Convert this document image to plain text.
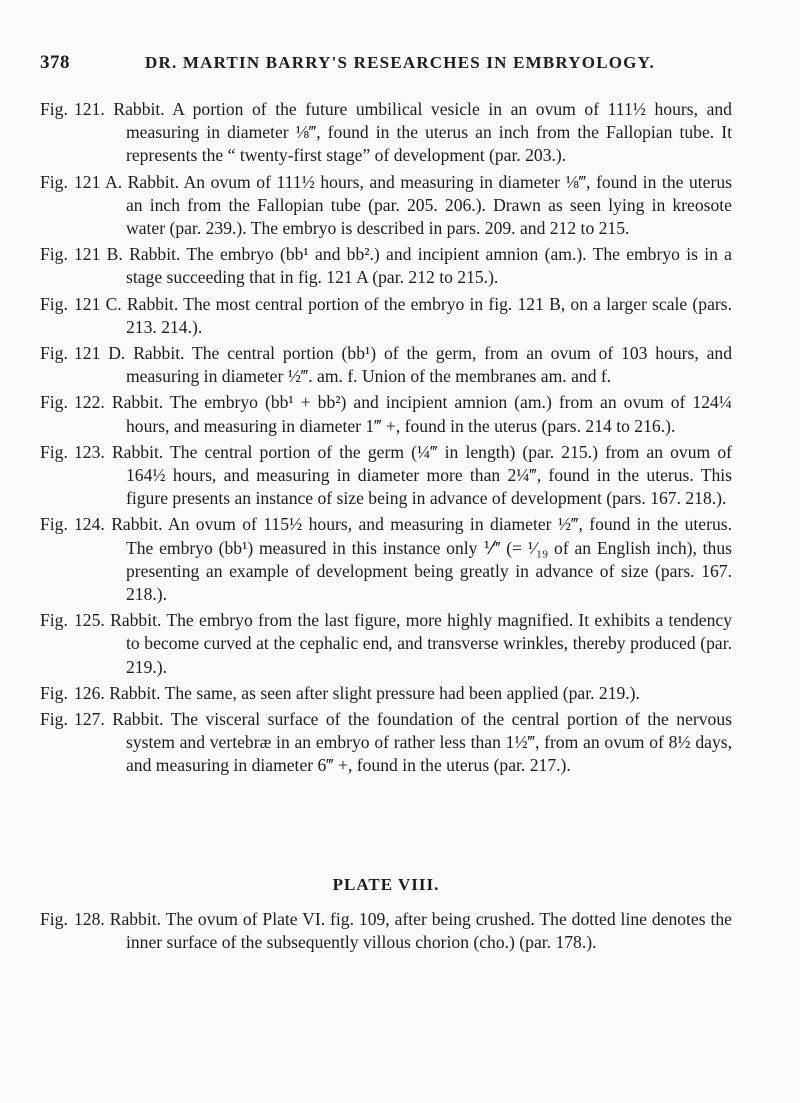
378	DR. MARTIN BARRY'S RESEARCHES IN EMBRYOLOGY.

Fig. 121. Rabbit. A portion of the future umbilical vesicle in an ovum of 111½ hours, and measuring in diameter ⅛‴, found in the uterus an inch from the Fallopian tube. It represents the “ twenty-first stage” of development (par. 203.).

Fig. 121 A. Rabbit. An ovum of 111½ hours, and measuring in diameter ⅛‴, found in the uterus an inch from the Fallopian tube (par. 205. 206.). Drawn as seen lying in kreosote water (par. 239.). The embryo is described in pars. 209. and 212 to 215.

Fig. 121 B. Rabbit. The embryo (bb¹ and bb².) and incipient amnion (am.). The embryo is in a stage succeeding that in fig. 121 A (par. 212 to 215.).

Fig. 121 C. Rabbit. The most central portion of the embryo in fig. 121 B, on a larger scale (pars. 213. 214.).

Fig. 121 D. Rabbit. The central portion (bb¹) of the germ, from an ovum of 103 hours, and measuring in diameter ½‴. am. f. Union of the membranes am. and f.

Fig. 122. Rabbit. The embryo (bb¹ + bb²) and incipient amnion (am.) from an ovum of 124¼ hours, and measuring in diameter 1‴ +, found in the uterus (pars. 214 to 216.).

Fig. 123. Rabbit. The central portion of the germ (¼‴ in length) (par. 215.) from an ovum of 164½ hours, and measuring in diameter more than 2¼‴, found in the uterus. This figure presents an instance of size being in advance of development (pars. 167. 218.).

Fig. 124. Rabbit. An ovum of 115½ hours, and measuring in diameter ½‴, found in the uterus. The embryo (bb¹) measured in this instance only ⅟‴ (= ¹⁄₁₉ of an English inch), thus presenting an example of development being greatly in advance of size (pars. 167. 218.).

Fig. 125. Rabbit. The embryo from the last figure, more highly magnified. It exhibits a tendency to become curved at the cephalic end, and transverse wrinkles, thereby produced (par. 219.).

Fig. 126. Rabbit. The same, as seen after slight pressure had been applied (par. 219.).

Fig. 127. Rabbit. The visceral surface of the foundation of the central portion of the nervous system and vertebræ in an embryo of rather less than 1½‴, from an ovum of 8½ days, and measuring in diameter 6‴ +, found in the uterus (par. 217.).

PLATE VIII.

Fig. 128. Rabbit. The ovum of Plate VI. fig. 109, after being crushed. The dotted line denotes the inner surface of the subsequently villous chorion (cho.) (par. 178.).
